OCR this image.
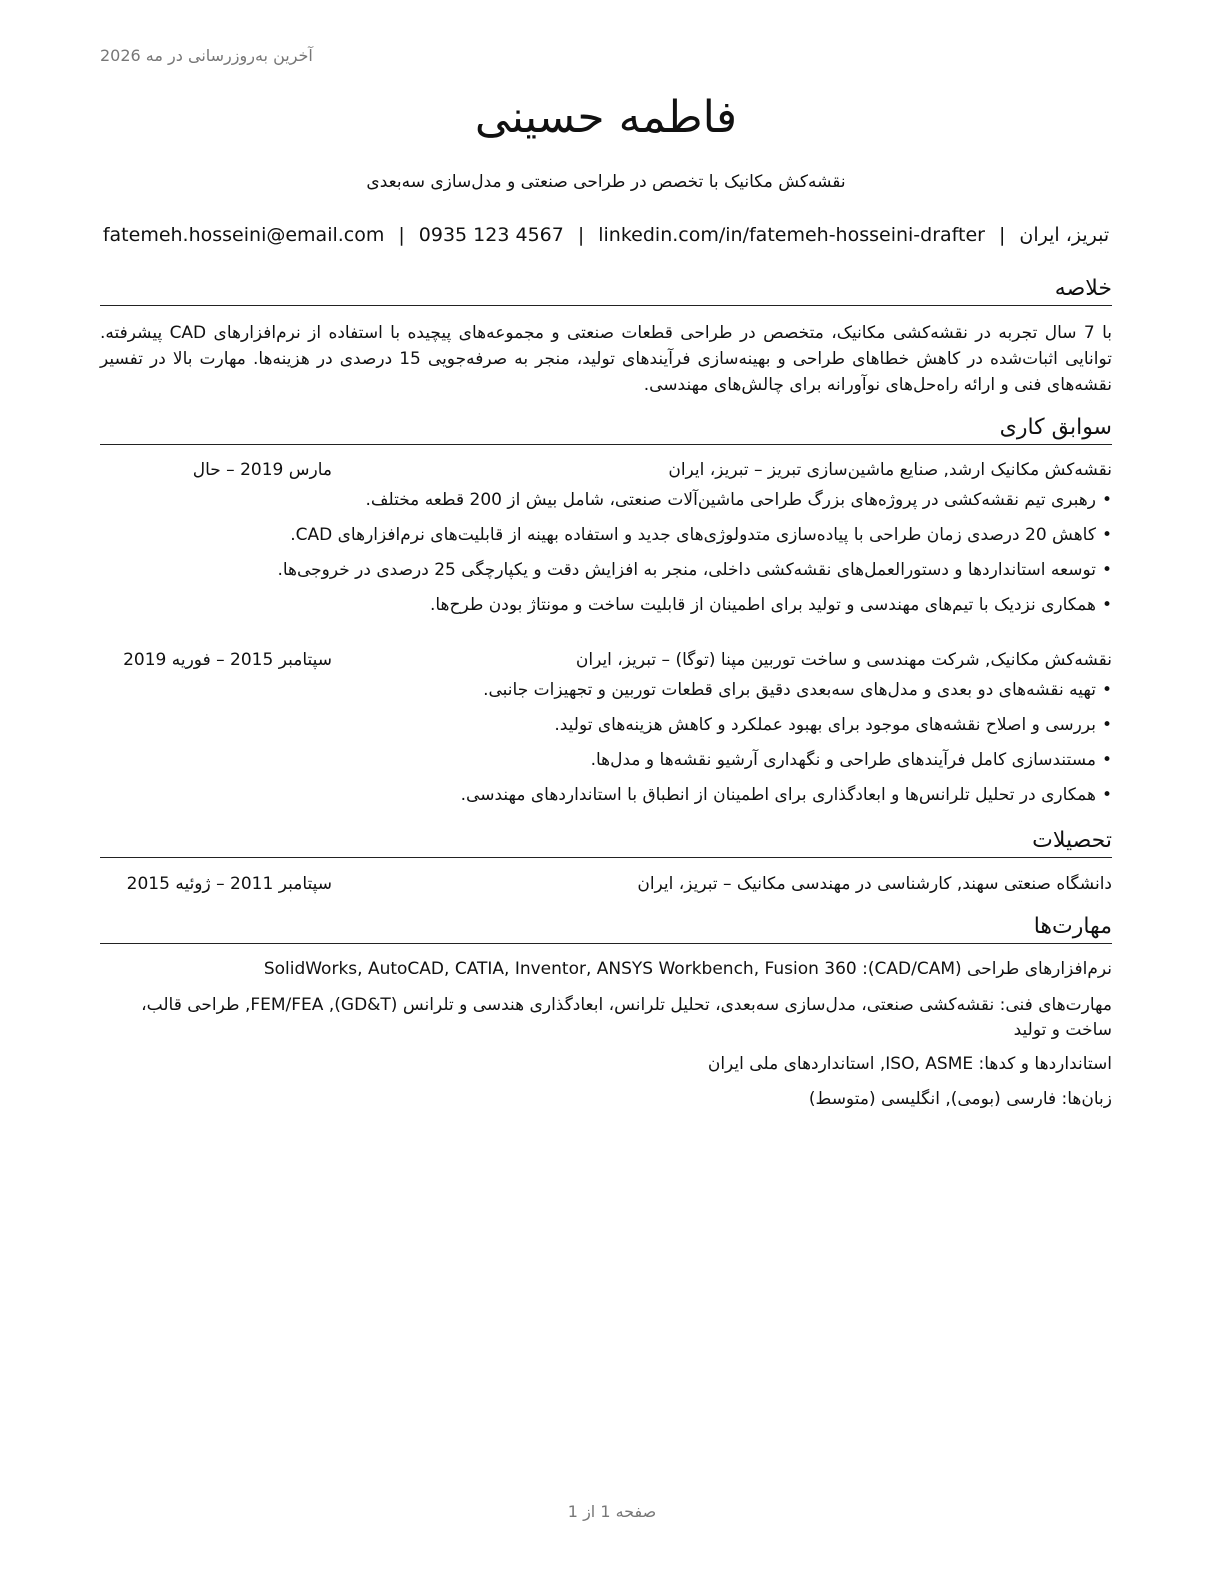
آخرین به‌روزرسانی در مه 2026
فاطمه حسینی
نقشه‌کش مکانیک با تخصص در طراحی صنعتی و مدل‌سازی سه‌بعدی
تبریز، ایران|fatemeh.hosseini@email.com | 0935 123 4567 | linkedin.com/in/fatemeh-hosseini-drafter
خلاصه
با 7 سال تجربه در نقشه‌کشی مکانیک، متخصص در طراحی قطعات صنعتی و مجموعه‌های پیچیده با استفاده از نرم‌افزارهای CAD پیشرفته. توانایی اثبات‌شده در کاهش خطاهای طراحی و بهینه‌سازی فرآیندهای تولید، منجر به صرفه‌جویی 15 درصدی در هزینه‌ها. مهارت بالا در تفسیر نقشه‌های فنی و ارائه راه‌حل‌های نوآورانه برای چالش‌های مهندسی.
سوابق کاری
نقشه‌کش مکانیک ارشد, صنایع ماشین‌سازی تبریز – تبریز، ایران
مارس 2019 – حال
•رهبری تیم نقشه‌کشی در پروژه‌های بزرگ طراحی ماشین‌آلات صنعتی، شامل بیش از 200 قطعه مختلف.
•کاهش 20 درصدی زمان طراحی با پیاده‌سازی متدولوژی‌های جدید و استفاده بهینه از قابلیت‌های نرم‌افزارهای CAD.
•توسعه استانداردها و دستورالعمل‌های نقشه‌کشی داخلی، منجر به افزایش دقت و یکپارچگی 25 درصدی در خروجی‌ها.
•همکاری نزدیک با تیم‌های مهندسی و تولید برای اطمینان از قابلیت ساخت و مونتاژ بودن طرح‌ها.
نقشه‌کش مکانیک, شرکت مهندسی و ساخت توربین مپنا (توگا) – تبریز، ایران
سپتامبر 2015 – فوریه 2019
•تهیه نقشه‌های دو بعدی و مدل‌های سه‌بعدی دقیق برای قطعات توربین و تجهیزات جانبی.
•بررسی و اصلاح نقشه‌های موجود برای بهبود عملکرد و کاهش هزینه‌های تولید.
•مستندسازی کامل فرآیندهای طراحی و نگهداری آرشیو نقشه‌ها و مدل‌ها.
•همکاری در تحلیل تلرانس‌ها و ابعادگذاری برای اطمینان از انطباق با استانداردهای مهندسی.
تحصیلات
دانشگاه صنعتی سهند, کارشناسی در مهندسی مکانیک – تبریز، ایران
سپتامبر 2011 – ژوئیه 2015
مهارت‌ها
نرم‌افزارهای طراحی (CAD/CAM): SolidWorks, AutoCAD, CATIA, Inventor, ANSYS Workbench, Fusion 360
مهارت‌های فنی: نقشه‌کشی صنعتی، مدل‌سازی سه‌بعدی، تحلیل تلرانس، ابعادگذاری هندسی و تلرانس (GD&T), FEM/FEA, طراحی قالب، ساخت و تولید
استانداردها و کدها: ISO, ASME, استانداردهای ملی ایران
زبان‌ها: فارسی (بومی), انگلیسی (متوسط)
صفحه 1 از 1
